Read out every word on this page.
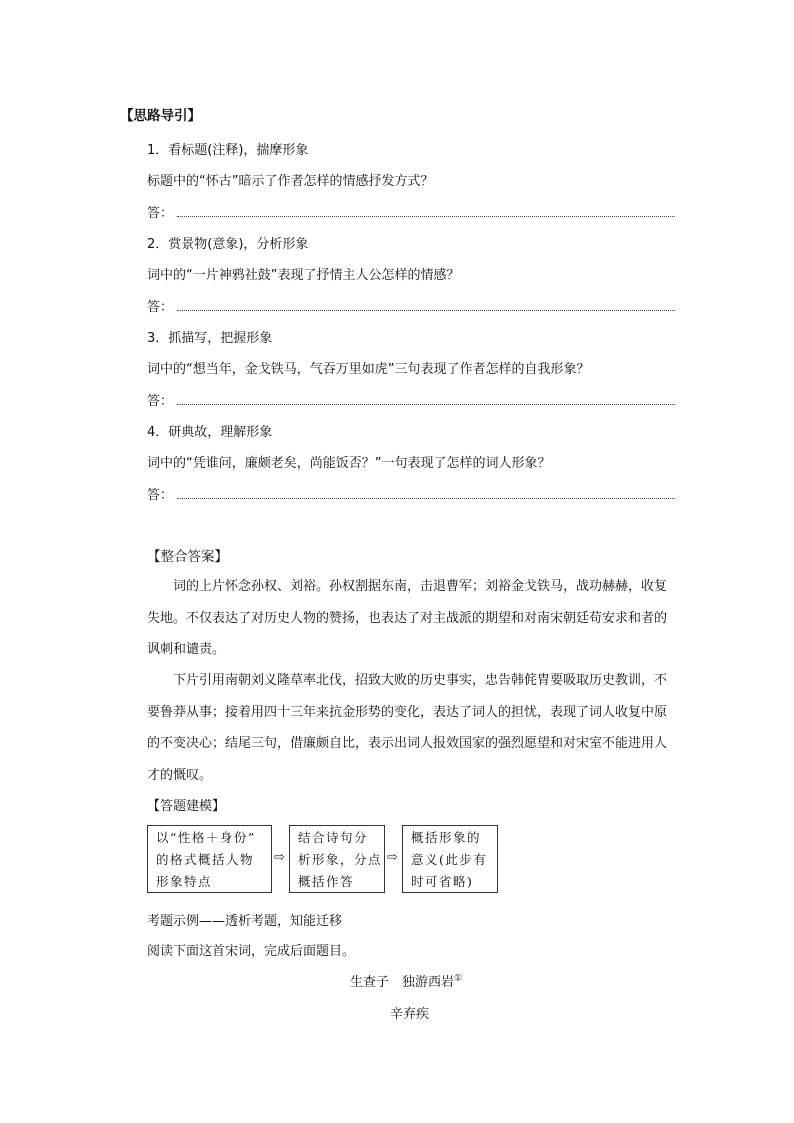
【思路导引】
1．看标题(注释)，揣摩形象
标题中的“怀古”暗示了作者怎样的情感抒发方式？
答：
2．赏景物(意象)，分析形象
词中的“一片神鸦社鼓”表现了抒情主人公怎样的情感？
答：
3．抓描写，把握形象
词中的“想当年，金戈铁马，气吞万里如虎”三句表现了作者怎样的自我形象？
答：
4．研典故，理解形象
词中的“凭谁问，廉颇老矣，尚能饭否？”一句表现了怎样的词人形象？
答：
【整合答案】
词的上片怀念孙权、刘裕。孙权割据东南，击退曹军；刘裕金戈铁马，战功赫赫，收复
失地。不仅表达了对历史人物的赞扬，也表达了对主战派的期望和对南宋朝廷苟安求和者的
讽刺和谴责。
下片引用南朝刘义隆草率北伐，招致大败的历史事实，忠告韩侂胄要吸取历史教训，不
要鲁莽从事；接着用四十三年来抗金形势的变化，表达了词人的担忧，表现了词人收复中原
的不变决心；结尾三句，借廉颇自比，表示出词人报效国家的强烈愿望和对宋室不能进用人
才的慨叹。
【答题建模】
以“性格＋身份”
的格式概括人物
形象特点
⇨
结合诗句分
析形象，分点
概括作答
⇨
概括形象的
意义(此步有
时可省略)
考题示例——透析考题，知能迁移
阅读下面这首宋词，完成后面题目。
生查子　独游西岩①
辛弃疾
